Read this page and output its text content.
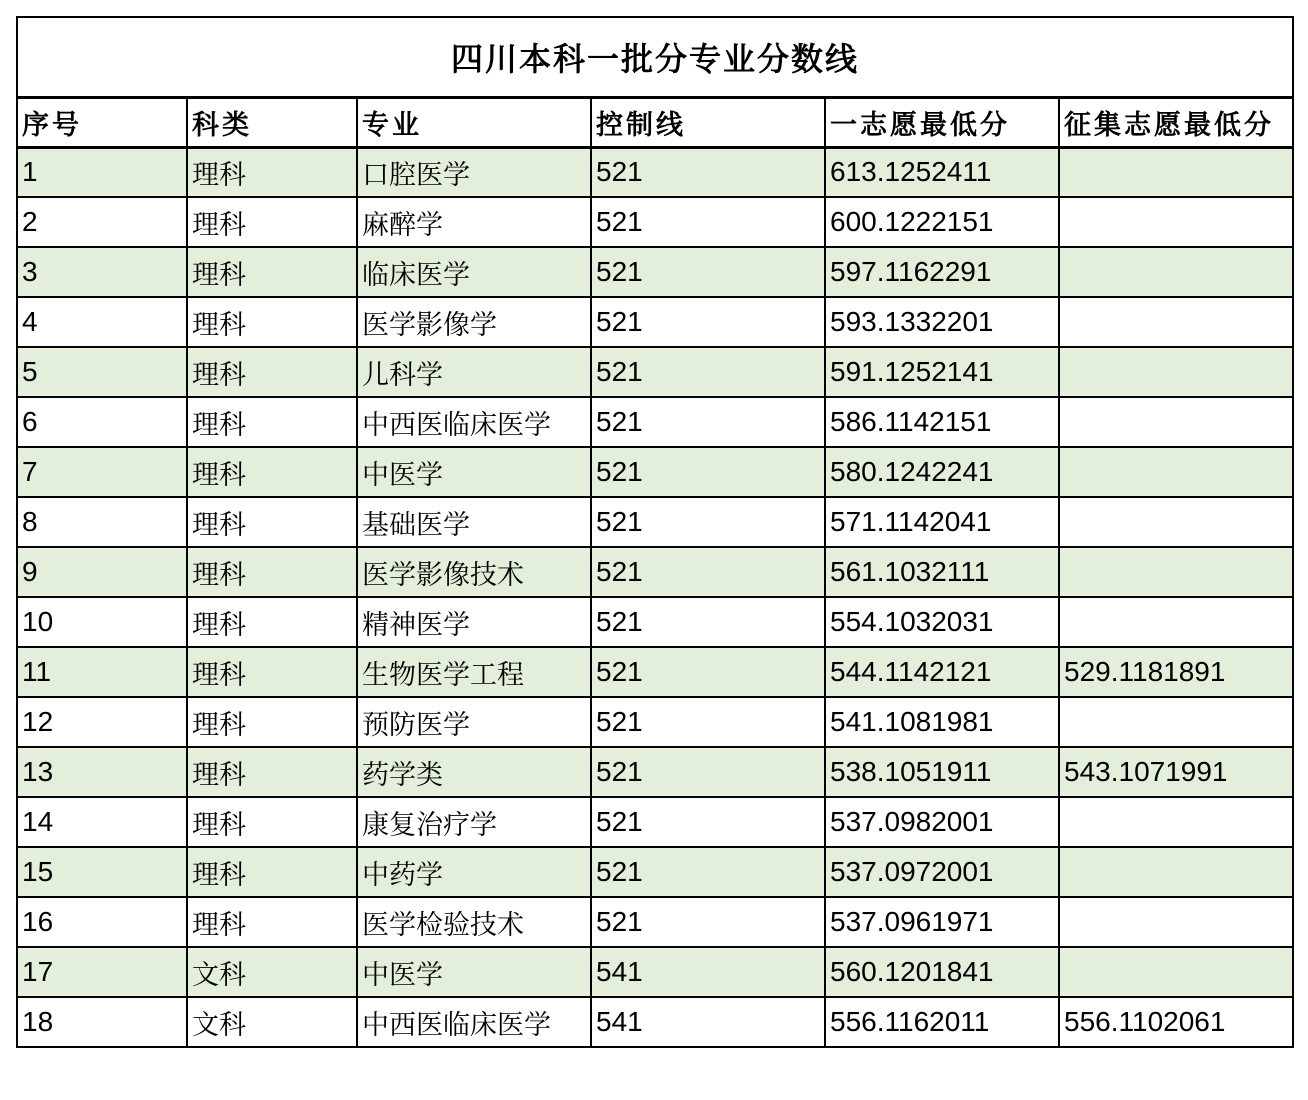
四川本科一批分专业分数线					
序号	科类	专业	控制线	一志愿最低分	征集志愿最低分
1	理科	口腔医学	521	613.1252411	
2	理科	麻醉学	521	600.1222151	
3	理科	临床医学	521	597.1162291	
4	理科	医学影像学	521	593.1332201	
5	理科	儿科学	521	591.1252141	
6	理科	中西医临床医学	521	586.1142151	
7	理科	中医学	521	580.1242241	
8	理科	基础医学	521	571.1142041	
9	理科	医学影像技术	521	561.1032111	
10	理科	精神医学	521	554.1032031	
11	理科	生物医学工程	521	544.1142121	529.1181891
12	理科	预防医学	521	541.1081981	
13	理科	药学类	521	538.1051911	543.1071991
14	理科	康复治疗学	521	537.0982001	
15	理科	中药学	521	537.0972001	
16	理科	医学检验技术	521	537.0961971	
17	文科	中医学	541	560.1201841	
18	文科	中西医临床医学	541	556.1162011	556.1102061
